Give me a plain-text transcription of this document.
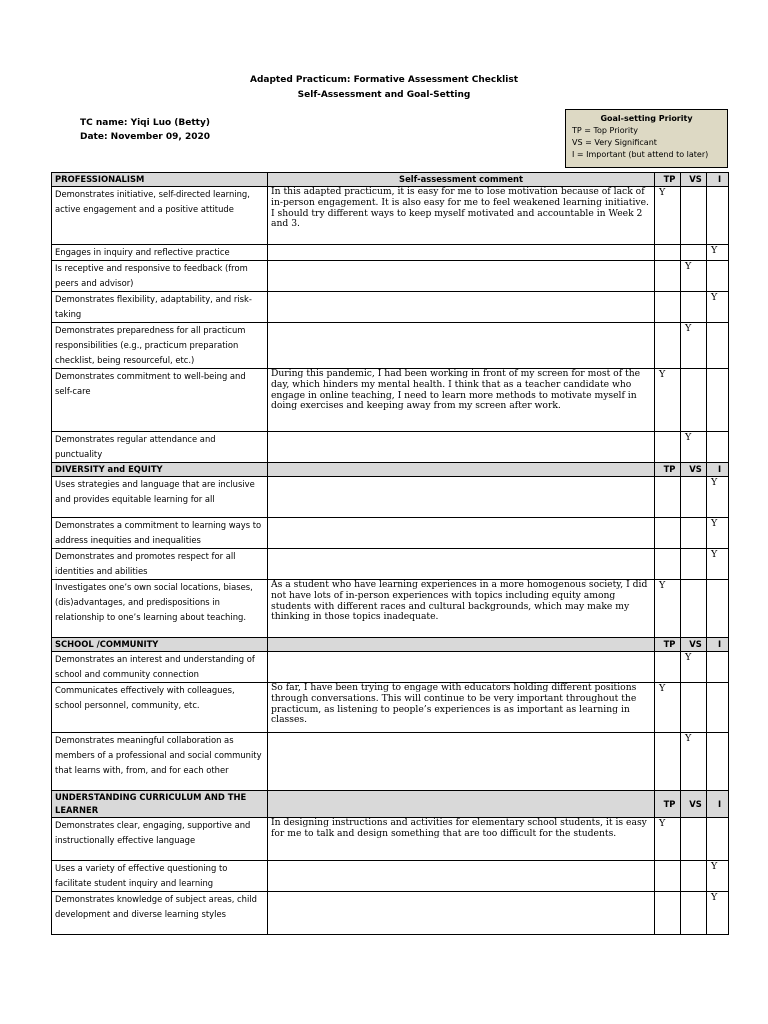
Adapted Practicum: Formative Assessment Checklist
Self-Assessment and Goal-Setting
TC name: Yiqi Luo (Betty)
Date: November 09, 2020
Goal-setting Priority
TP = Top Priority
VS = Very Significant
I = Important (but attend to later)
PROFESSIONALISM	Self-assessment comment	TP	VS	I
Demonstrates initiative, self-directed learning, active engagement and a positive attitude	In this adapted practicum, it is easy for me to lose motivation because of lack of in-person engagement. It is also easy for me to feel weakened learning initiative. I should try different ways to keep myself motivated and accountable in Week 2 and 3.	Y		
Engages in inquiry and reflective practice				Y
Is receptive and responsive to feedback (from peers and advisor)			Y	
Demonstrates flexibility, adaptability, and risk-taking				Y
Demonstrates preparedness for all practicum responsibilities (e.g., practicum preparation checklist, being resourceful, etc.)			Y	
Demonstrates commitment to well-being and self-care	During this pandemic, I had been working in front of my screen for most of the day, which hinders my mental health. I think that as a teacher candidate who engage in online teaching, I need to learn more methods to motivate myself in doing exercises and keeping away from my screen after work.	Y		
Demonstrates regular attendance and punctuality			Y	
DIVERSITY and EQUITY		TP	VS	I
Uses strategies and language that are inclusive and provides equitable learning for all				Y
Demonstrates a commitment to learning ways to address inequities and inequalities				Y
Demonstrates and promotes respect for all identities and abilities				Y
Investigates one’s own social locations, biases, (dis)advantages, and predispositions in relationship to one’s learning about teaching.	As a student who have learning experiences in a more homogenous society, I did not have lots of in-person experiences with topics including equity among students with different races and cultural backgrounds, which may make my thinking in those topics inadequate.	Y		
SCHOOL /COMMUNITY		TP	VS	I
Demonstrates an interest and understanding of school and community connection			Y	
Communicates effectively with colleagues, school personnel, community, etc.	So far, I have been trying to engage with educators holding different positions through conversations. This will continue to be very important throughout the practicum, as listening to people’s experiences is as important as learning in classes.	Y		
Demonstrates meaningful collaboration as members of a professional and social community that learns with, from, and for each other			Y	
UNDERSTANDING CURRICULUM AND THE LEARNER		TP	VS	I
Demonstrates clear, engaging, supportive and instructionally effective language	In designing instructions and activities for elementary school students, it is easy for me to talk and design something that are too difficult for the students.	Y		
Uses a variety of effective questioning to facilitate student inquiry and learning				Y
Demonstrates knowledge of subject areas, child development and diverse learning styles				Y
